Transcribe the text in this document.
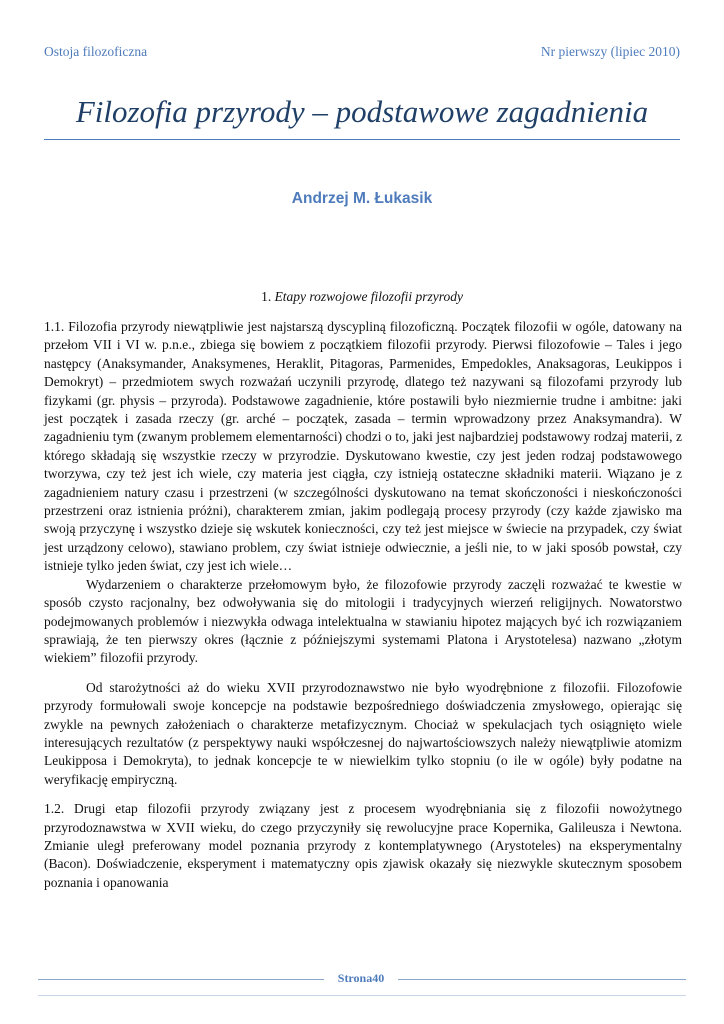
Ostoja filozoficzna	Nr pierwszy (lipiec 2010)
Filozofia przyrody – podstawowe zagadnienia
Andrzej M. Łukasik
1. Etapy rozwojowe filozofii przyrody

1.1. Filozofia przyrody niewątpliwie jest najstarszą dyscypliną filozoficzną. Początek filozofii w ogóle, datowany na przełom VII i VI w. p.n.e., zbiega się bowiem z początkiem filozofii przyrody. Pierwsi filozofowie – Tales i jego następcy (Anaksymander, Anaksymenes, Heraklit, Pitagoras, Parmenides, Empedokles, Anaksagoras, Leukippos i Demokryt) – przedmiotem swych rozważań uczynili przyrodę, dlatego też nazywani są filozofami przyrody lub fizykami (gr. physis – przyroda). Podstawowe zagadnienie, które postawili było niezmiernie trudne i ambitne: jaki jest początek i zasada rzeczy (gr. arché – początek, zasada – termin wprowadzony przez Anaksymandra). W zagadnieniu tym (zwanym problemem elementarności) chodzi o to, jaki jest najbardziej podstawowy rodzaj materii, z którego składają się wszystkie rzeczy w przyrodzie. Dyskutowano kwestie, czy jest jeden rodzaj podstawowego tworzywa, czy też jest ich wiele, czy materia jest ciągła, czy istnieją ostateczne składniki materii. Wiązano je z zagadnieniem natury czasu i przestrzeni (w szczególności dyskutowano na temat skończoności i nieskończoności przestrzeni oraz istnienia próżni), charakterem zmian, jakim podlegają procesy przyrody (czy każde zjawisko ma swoją przyczynę i wszystko dzieje się wskutek konieczności, czy też jest miejsce w świecie na przypadek, czy świat jest urządzony celowo), stawiano problem, czy świat istnieje odwiecznie, a jeśli nie, to w jaki sposób powstał, czy istnieje tylko jeden świat, czy jest ich wiele…

Wydarzeniem o charakterze przełomowym było, że filozofowie przyrody zaczęli rozważać te kwestie w sposób czysto racjonalny, bez odwoływania się do mitologii i tradycyjnych wierzeń religijnych. Nowatorstwo podejmowanych problemów i niezwykła odwaga intelektualna w stawianiu hipotez mających być ich rozwiązaniem sprawiają, że ten pierwszy okres (łącznie z późniejszymi systemami Platona i Arystotelesa) nazwano „złotym wiekiem” filozofii przyrody.

Od starożytności aż do wieku XVII przyrodoznawstwo nie było wyodrębnione z filozofii. Filozofowie przyrody formułowali swoje koncepcje na podstawie bezpośredniego doświadczenia zmysłowego, opierając się zwykle na pewnych założeniach o charakterze metafizycznym. Chociaż w spekulacjach tych osiągnięto wiele interesujących rezultatów (z perspektywy nauki współczesnej do najwartościowszych należy niewątpliwie atomizm Leukipposa i Demokryta), to jednak koncepcje te w niewielkim tylko stopniu (o ile w ogóle) były podatne na weryfikację empiryczną.

1.2. Drugi etap filozofii przyrody związany jest z procesem wyodrębniania się z filozofii nowożytnego przyrodoznawstwa w XVII wieku, do czego przyczyniły się rewolucyjne prace Kopernika, Galileusza i Newtona. Zmianie uległ preferowany model poznania przyrody z kontemplatywnego (Arystoteles) na eksperymentalny (Bacon). Doświadczenie, eksperyment i matematyczny opis zjawisk okazały się niezwykle skutecznym sposobem poznania i opanowania

Strona40
